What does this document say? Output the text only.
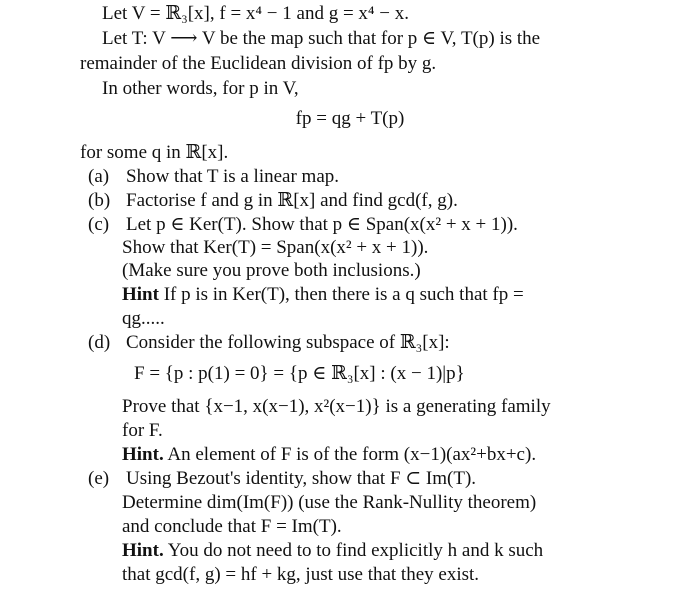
Let V = ℝ₃[x], f = x⁴ − 1 and g = x⁴ − x.
Let T: V ⟶ V be the map such that for p ∈ V, T(p) is the
remainder of the Euclidean division of fp by g.
In other words, for p in V,
fp = qg + T(p)
for some q in ℝ[x].
(a) Show that T is a linear map.
(b) Factorise f and g in ℝ[x] and find gcd(f, g).
(c) Let p ∈ Ker(T). Show that p ∈ Span(x(x² + x + 1)).
Show that Ker(T) = Span(x(x² + x + 1)).
(Make sure you prove both inclusions.)
Hint If p is in Ker(T), then there is a q such that fp =
qg.....
(d) Consider the following subspace of ℝ₃[x]:
F = {p : p(1) = 0} = {p ∈ ℝ₃[x] : (x − 1)|p}
Prove that {x−1, x(x−1), x²(x−1)} is a generating family
for F.
Hint. An element of F is of the form (x−1)(ax²+bx+c).
(e) Using Bezout's identity, show that F ⊂ Im(T).
Determine dim(Im(F)) (use the Rank-Nullity theorem)
and conclude that F = Im(T).
Hint. You do not need to to find explicitly h and k such
that gcd(f, g) = hf + kg, just use that they exist.
